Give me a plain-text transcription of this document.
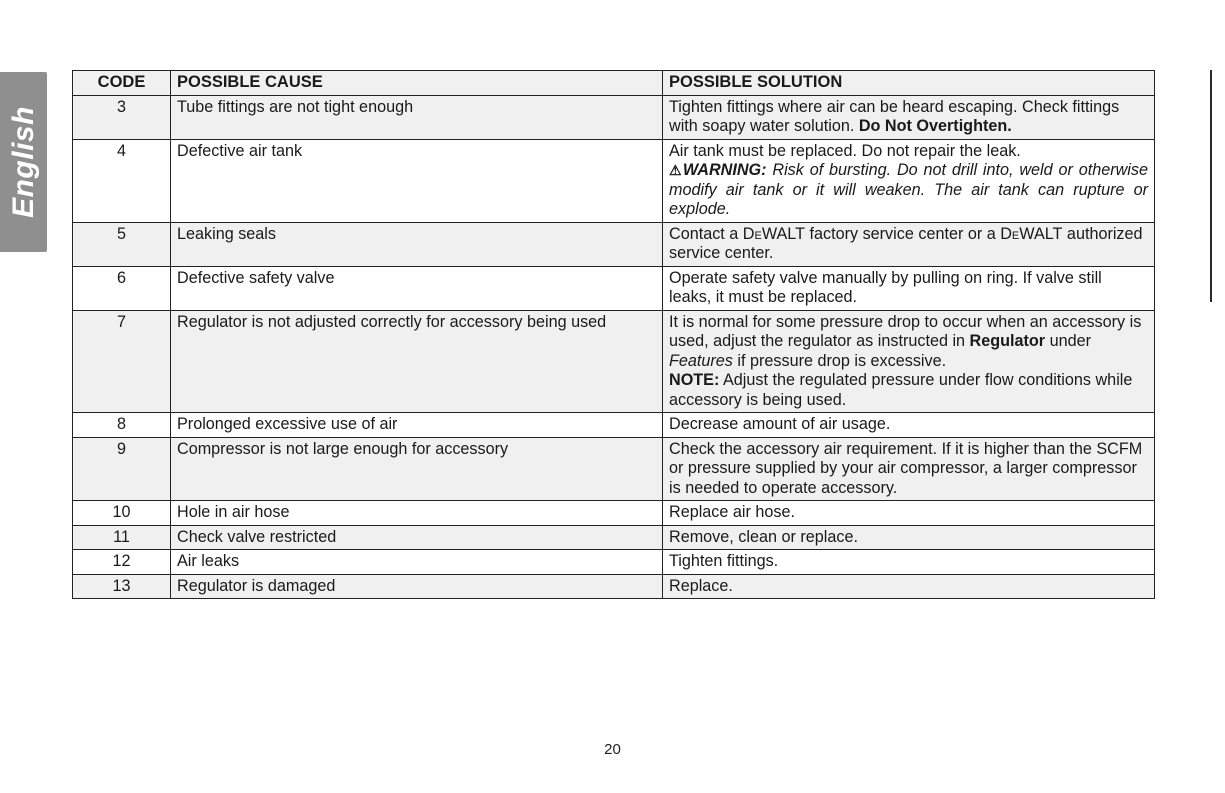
English
CODE	POSSIBLE CAUSE	POSSIBLE SOLUTION
3	Tube fittings are not tight enough	Tighten fittings where air can be heard escaping. Check fittings with soapy water solution. Do Not Overtighten.
4	Defective air tank	Air tank must be replaced. Do not repair the leak.
⚠WARNING: Risk of bursting. Do not drill into, weld or otherwise modify air tank or it will weaken. The air tank can rupture or explode.

5	Leaking seals	Contact a DeWALT factory service center or a DeWALT authorized service center.
6	Defective safety valve	Operate safety valve manually by pulling on ring. If valve still leaks, it must be replaced.
7	Regulator is not adjusted correctly for accessory being used	It is normal for some pressure drop to occur when an accessory is used, adjust the regulator as instructed in Regulator under Features if pressure drop is excessive.
NOTE: Adjust the regulated pressure under flow conditions while accessory is being used.
8	Prolonged excessive use of air	Decrease amount of air usage.
9	Compressor is not large enough for accessory	Check the accessory air requirement. If it is higher than the SCFM or pressure supplied by your air compressor, a larger compressor is needed to operate accessory.
10	Hole in air hose	Replace air hose.
11	Check valve restricted	Remove, clean or replace.
12	Air leaks	Tighten fittings.
13	Regulator is damaged	Replace.
20
